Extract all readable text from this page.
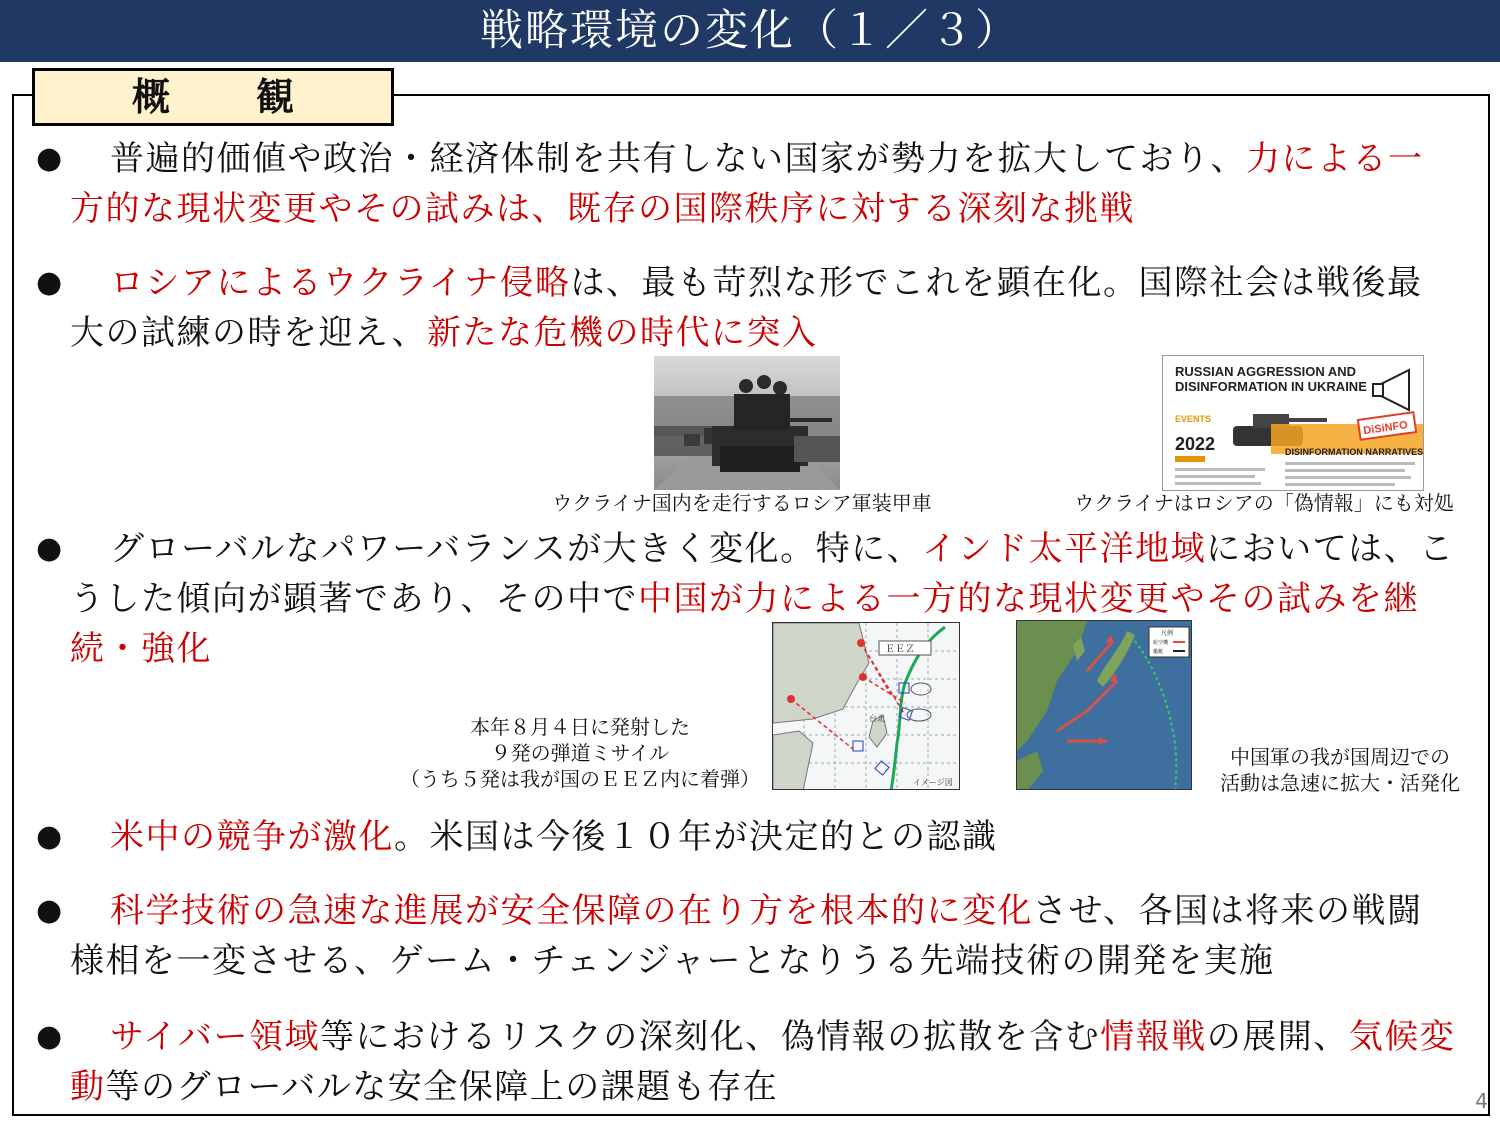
戦略環境の変化（１／３）
概　観
●	普遍的価値や政治・経済体制を共有しない国家が勢力を拡大しており、力による一方的な現状変更やその試みは、既存の国際秩序に対する深刻な挑戦
●	ロシアによるウクライナ侵略は、最も苛烈な形でこれを顕在化。国際社会は戦後最大の試練の時を迎え、新たな危機の時代に突入
ウクライナ国内を走行するロシア軍装甲車
RUSSIAN AGGRESSION AND
DISINFORMATION IN UKRAINE
EVENTS
2022
DiSiNFO
DISINFORMATION NARRATIVES
ウクライナはロシアの「偽情報」にも対処
●	グローバルなパワーバランスが大きく変化。特に、インド太平洋地域においては、こうした傾向が顕著であり、その中で中国が力による一方的な現状変更やその試みを継続・強化
本年８月４日に発射した
９発の弾道ミサイル
（うち５発は我が国のＥＥＺ内に着弾）
ＥＥＺ
台北
イメージ図
凡例
航空機
艦艇
中国軍の我が国周辺での
活動は急速に拡大・活発化
●	米中の競争が激化。米国は今後１０年が決定的との認識
●	科学技術の急速な進展が安全保障の在り方を根本的に変化させ、各国は将来の戦闘様相を一変させる、ゲーム・チェンジャーとなりうる先端技術の開発を実施
●	サイバー領域等におけるリスクの深刻化、偽情報の拡散を含む情報戦の展開、気候変動等のグローバルな安全保障上の課題も存在	4
